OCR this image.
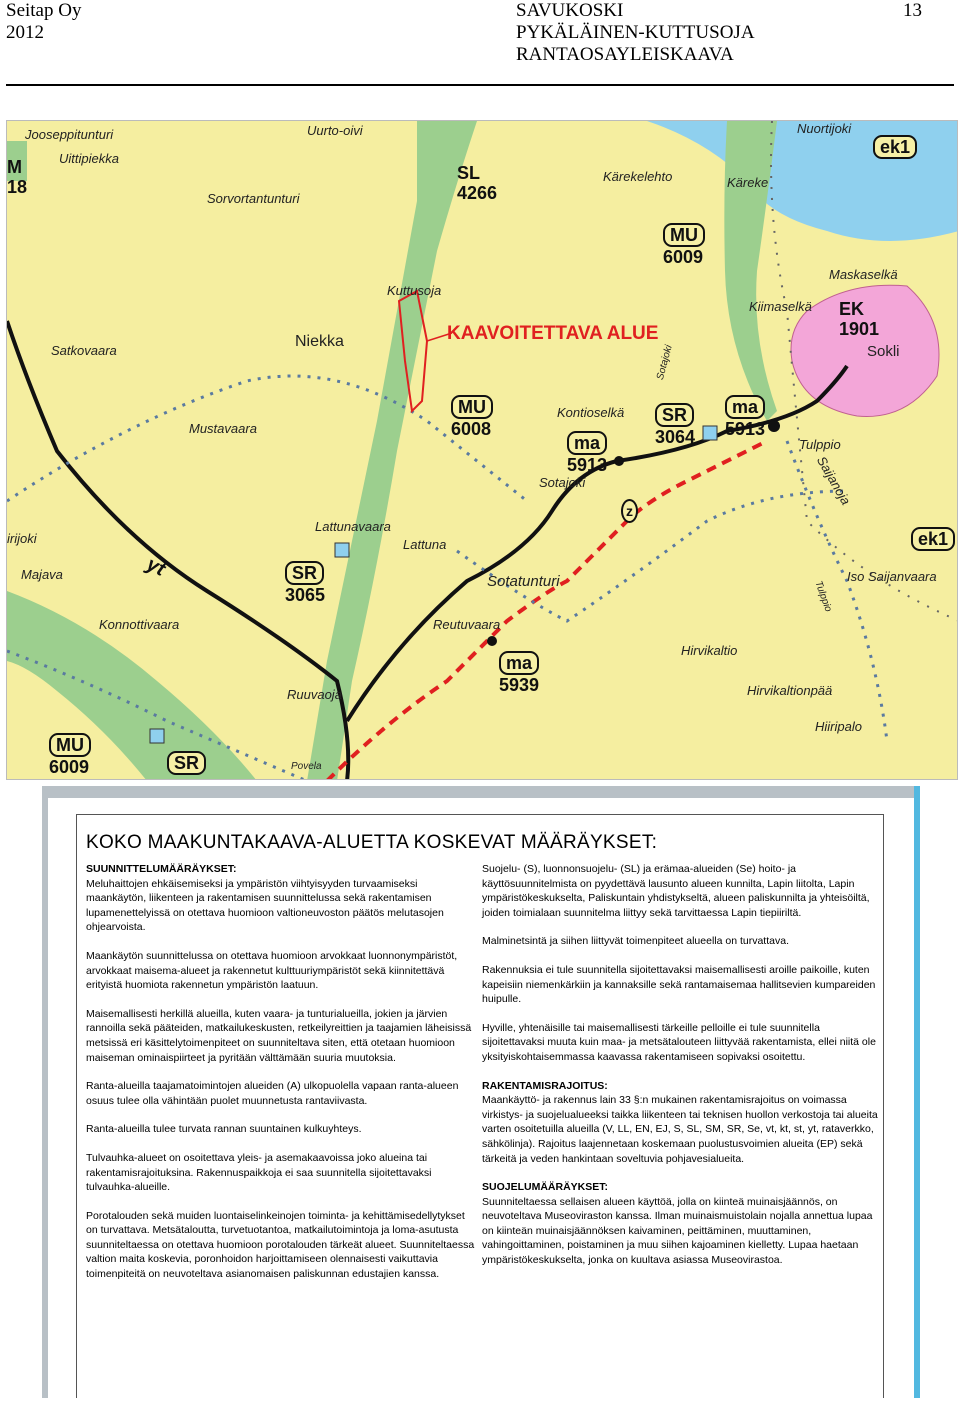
Seitap Oy
2012
SAVUKOSKI
PYKÄLÄINEN-KUTTUSOJA
RANTAOSAYLEISKAAVA
13
Jooseppitunturi	Uurto-oivi
Uittipiekka
Sorvortantunturi
Kärekelehto	Käreke
Nuortijoki
Maskaselkä
Kiimaselkä
Sokli
Kuttusoja
Niekka
Satkovaara
Mustavaara
Kontioselkä
Sotajoki
Tulppio
Saijanoja
Lattunavaara
Lattuna
irijoki
Majava	Sotatunturi
Reutuvaara
Konnottivaara
Hirvikaltio
Hirvikaltionpää
Iso Saijanvaara
Hiiripalo
Ruuvaoja
Sotajoki
Tulppio
Povela
KAAVOITETTAVA ALUE
yt
z
SL
4266
MU
6009
EK
1901
MU
6008
SR
3064
ma
5913
ma
5913
SR
3065
ma
5939
MU
6009	SR
ek1
ek1
M
18
KOKO MAAKUNTAKAAVA-ALUETTA KOSKEVAT MÄÄRÄYKSET:

SUUNNITTELUMÄÄRÄYKSET:

Meluhaittojen ehkäisemiseksi ja ympäristön viihtyisyyden turvaamiseksi maankäytön, liikenteen ja rakentamisen suunnittelussa sekä rakentamisen lupamenettelyissä on otettava huomioon valtioneuvoston päätös melutasojen ohjearvoista.

Maankäytön suunnittelussa on otettava huomioon arvokkaat luonnonympäristöt, arvokkaat maisema-alueet ja rakennetut kulttuuriympäristöt sekä kiinnitettävä erityistä huomiota rakennetun ympäristön laatuun.

Maisemallisesti herkillä alueilla, kuten vaara- ja tunturialueilla, jokien ja järvien rannoilla sekä pääteiden, matkailukeskusten, retkeilyreittien ja taajamien läheisissä metsissä eri käsittelytoimenpiteet on suunniteltava siten, että otetaan huomioon maiseman ominaispiirteet ja pyritään välttämään suuria muutoksia.

Ranta-alueilla taajamatoimintojen alueiden (A) ulkopuolella vapaan ranta-alueen osuus tulee olla vähintään puolet muunnetusta rantaviivasta.

Ranta-alueilla tulee turvata rannan suuntainen kulkuyhteys.

Tulvauhka-alueet on osoitettava yleis- ja asemakaavoissa joko alueina tai rakentamisrajoituksina. Rakennuspaikkoja ei saa suunnitella sijoitettavaksi tulvauhka-alueille.

Porotalouden sekä muiden luontaiselinkeinojen toiminta- ja kehittämisedellytykset on turvattava. Metsätaloutta, turvetuotantoa, matkailutoimintoja ja loma-asutusta suunniteltaessa on otettava huomioon porotalouden tärkeät alueet. Suunniteltaessa valtion maita koskevia, poronhoidon harjoittamiseen olennaisesti vaikuttavia toimenpiteitä on neuvoteltava asianomaisen paliskunnan edustajien kanssa.

Suojelu- (S), luonnonsuojelu- (SL) ja erämaa-alueiden (Se) hoito- ja käyttösuunnitelmista on pyydettävä lausunto alueen kunnilta, Lapin liitolta, Lapin ympäristökeskukselta, Paliskuntain yhdistykseltä, alueen paliskunnilta ja yhteisöiltä, joiden toimialaan suunnitelma liittyy sekä tarvittaessa Lapin tiepiiriltä.

Malminetsintä ja siihen liittyvät toimenpiteet alueella on turvattava.

Rakennuksia ei tule suunnitella sijoitettavaksi maisemallisesti aroille paikoille, kuten kapeisiin niemenkärkiin ja kannaksille sekä rantamaisemaa hallitsevien kumpareiden huipulle.

Hyville, yhtenäisille tai maisemallisesti tärkeille pelloille ei tule suunnitella sijoitettavaksi muuta kuin maa- ja metsätalouteen liittyvää rakentamista, ellei niitä ole yksityiskohtaisemmassa kaavassa rakentamiseen sopivaksi osoitettu.

RAKENTAMISRAJOITUS:

Maankäyttö- ja rakennus lain 33 §:n mukainen rakentamisrajoitus on voimassa virkistys- ja suojelualueeksi taikka liikenteen tai teknisen huollon verkostoja tai alueita varten osoitetuilla alueilla (V, LL, EN, EJ, S, SL, SM, SR, Se, vt, kt, st, yt, rataverkko, sähkölinja). Rajoitus laajennetaan koskemaan puolustusvoimien alueita (EP) sekä tärkeitä ja veden hankintaan soveltuvia pohjavesialueita.

SUOJELUMÄÄRÄYKSET:

Suunniteltaessa sellaisen alueen käyttöä, jolla on kiinteä muinaisjäännös, on neuvoteltava Museoviraston kanssa. Ilman muinaismuistolain nojalla annettua lupaa on kiinteän muinaisjäännöksen kaivaminen, peittäminen, muuttaminen, vahingoittaminen, poistaminen ja muu siihen kajoaminen kielletty. Lupaa haetaan ympäristökeskukselta, jonka on kuultava asiassa Museovirastoa.
